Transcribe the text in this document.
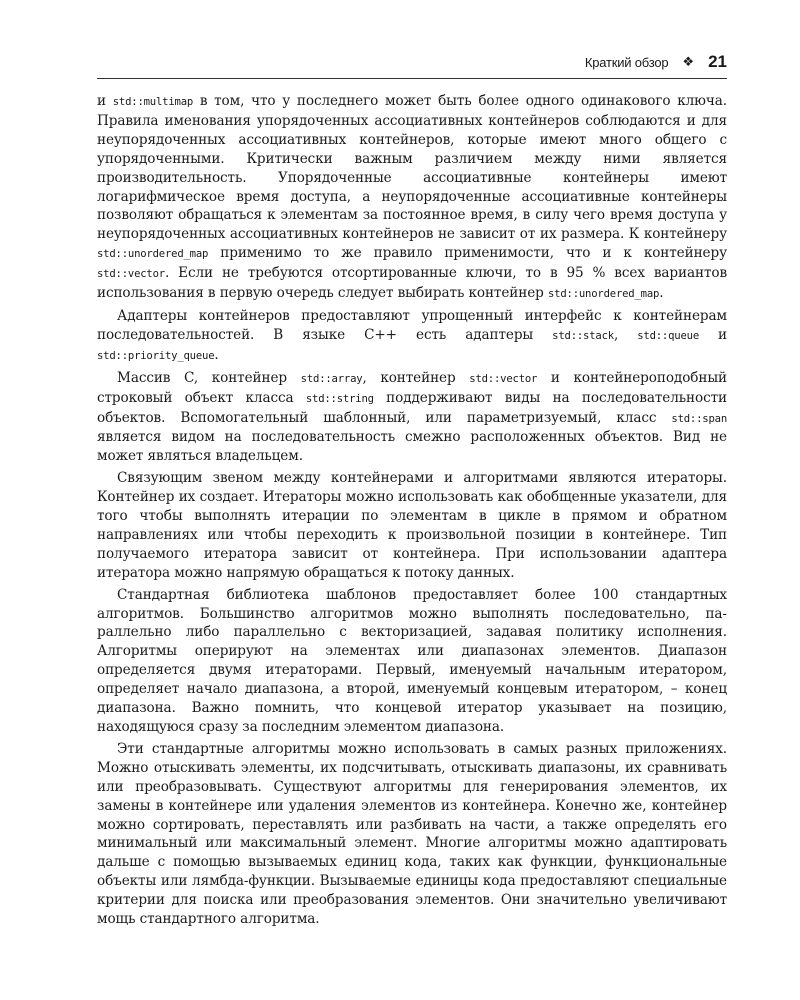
Краткий обзор ❖ 21

и std::multimap в том, что у последнего может быть более одного одинакового ключа. Правила именования упорядоченных ассоциативных контейнеров соблюдаются и для неупорядоченных ассоциативных контейнеров, которые имеют много общего с упорядоченными. Критически важным различием между ними является производительность. Упорядоченные ассоциативные контейнеры имеют логарифмическое время доступа, а неупорядоченные ассоциативные контейнеры позволяют обращаться к элементам за постоянное время, в силу чего время доступа у неупорядоченных ассоциативных контейнеров не зависит от их размера. К контейнеру std::unordered_map применимо то же правило применимости, что и к контейнеру std::vector. Если не требуются отсортированные ключи, то в 95 % всех вариантов использования в первую очередь следует выбирать контейнер std::unordered_map.

Адаптеры контейнеров предоставляют упрощенный интерфейс к контейнерам последовательностей. В языке C++ есть адаптеры std::stack, std::queue и std::priority_queue.

Массив C, контейнер std::array, контейнер std::vector и контейнероподобный строковый объект класса std::string поддерживают виды на последовательности объектов. Вспомогательный шаблонный, или параметризуемый, класс std::span является видом на последовательность смежно расположенных объектов. Вид не может являться владельцем.

Связующим звеном между контейнерами и алгоритмами являются итераторы. Контейнер их создает. Итераторы можно использовать как обобщенные указатели, для того чтобы выполнять итерации по элементам в цикле в прямом и обратном направлениях или чтобы переходить к произвольной позиции в контейнере. Тип получаемого итератора зависит от контейнера. При использовании адаптера итератора можно напрямую обращаться к потоку данных.

Стандартная библиотека шаблонов предоставляет более 100 стандартных алгоритмов. Большинство алгоритмов можно выполнять последовательно, параллельно либо параллельно с векторизацией, задавая политику исполнения. Алгоритмы оперируют на элементах или диапазонах элементов. Диапазон определяется двумя итераторами. Первый, именуемый начальным итератором, определяет начало диапазона, а второй, именуемый концевым итератором, – конец диапазона. Важно помнить, что концевой итератор указывает на позицию, находящуюся сразу за последним элементом диапазона.

Эти стандартные алгоритмы можно использовать в самых разных приложениях. Можно отыскивать элементы, их подсчитывать, отыскивать диапазоны, их сравнивать или преобразовывать. Существуют алгоритмы для генерирования элементов, их замены в контейнере или удаления элементов из контейнера. Конечно же, контейнер можно сортировать, переставлять или разбивать на части, а также определять его минимальный или максимальный элемент. Многие алгоритмы можно адаптировать дальше с помощью вызываемых единиц кода, таких как функции, функциональные объекты или лямбда-функции. Вызываемые единицы кода предоставляют специальные критерии для поиска или преобразования элементов. Они значительно увеличивают мощь стандартного алгоритма.
